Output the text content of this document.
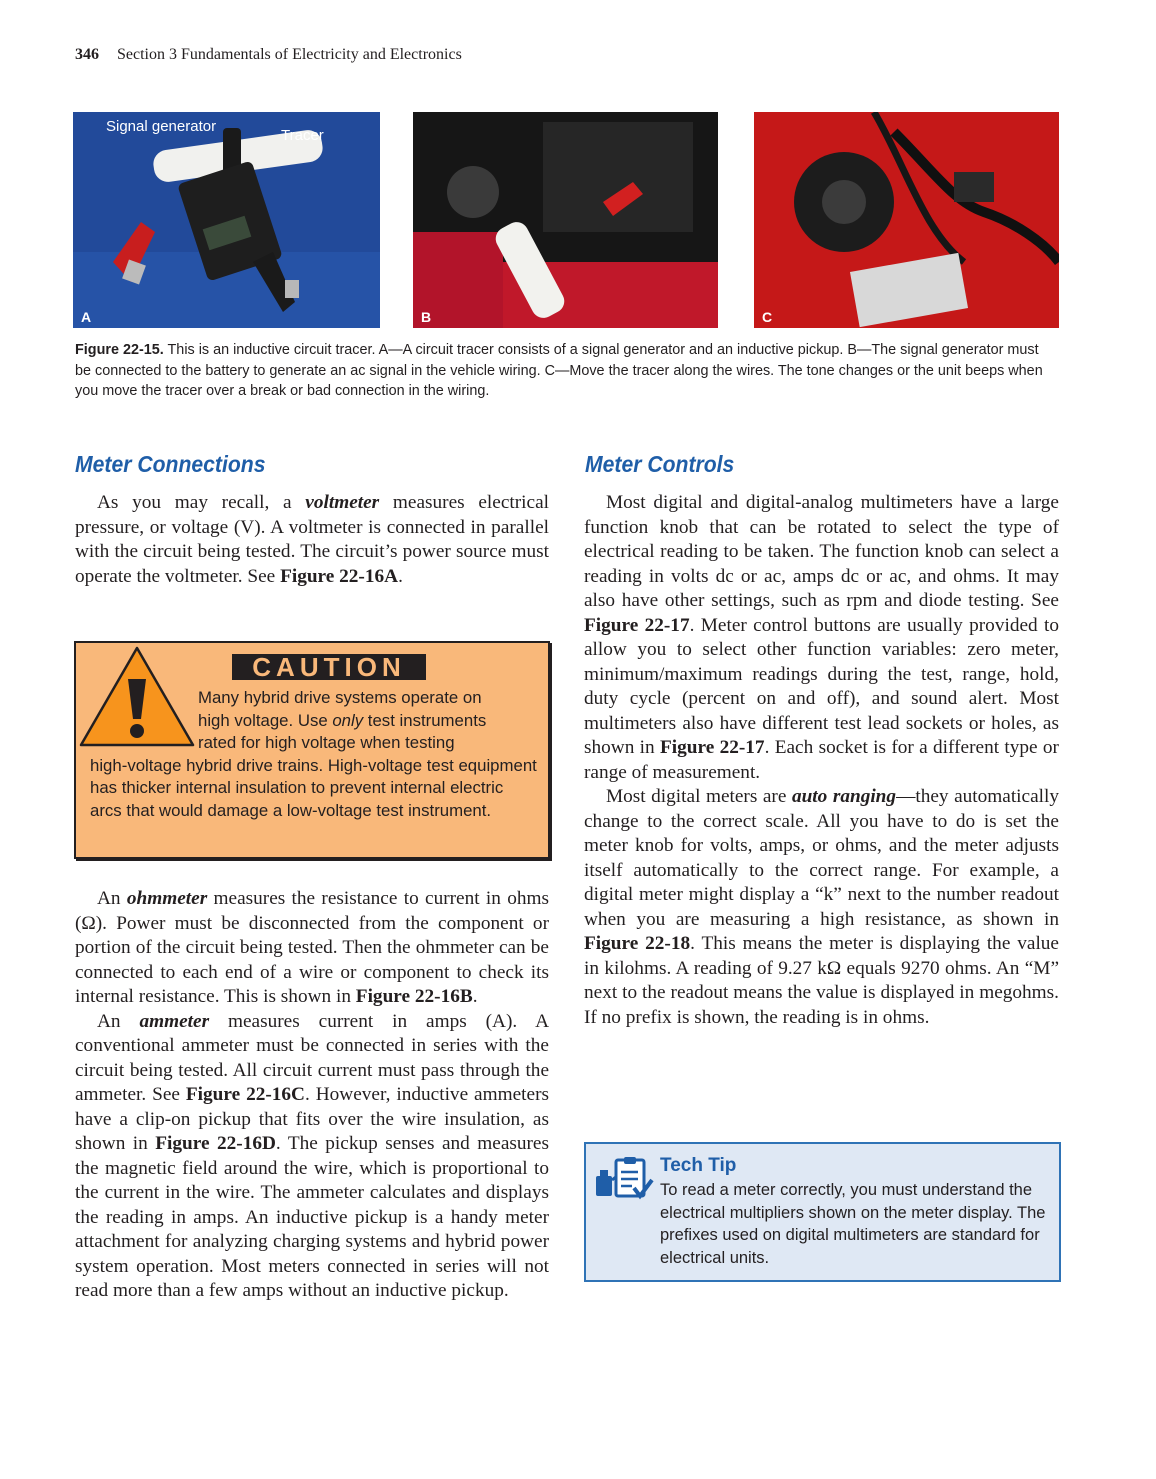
346 Section 3 Fundamentals of Electricity and Electronics
Signal generator
Tracer
A	B	C
Figure 22-15. This is an inductive circuit tracer. A—A circuit tracer consists of a signal generator and an inductive pickup. B—The signal generator must be connected to the battery to generate an ac signal in the vehicle wiring. C—Move the tracer along the wires. The tone changes or the unit beeps when you move the tracer over a break or bad connection in the wiring.
Meter Connections

As you may recall, a voltmeter measures electrical pressure, or voltage (V). A voltmeter is connected in parallel with the circuit being tested. The circuit’s power source must operate the voltmeter. See Figure 22-16A.

CAUTION
Many hybrid drive systems operate on
high voltage. Use only test instruments
rated for high voltage when testing
high-voltage hybrid drive trains. High-voltage test equipment has thicker internal insulation to prevent internal electric arcs that would damage a low-voltage test instrument.

An ohmmeter measures the resistance to current in ohms (Ω). Power must be disconnected from the component or portion of the circuit being tested. Then the ohmmeter can be connected to each end of a wire or component to check its internal resistance. This is shown in Figure 22-16B.

An ammeter measures current in amps (A). A conventional ammeter must be connected in series with the circuit being tested. All circuit current must pass through the ammeter. See Figure 22-16C. However, inductive ammeters have a clip-on pickup that fits over the wire insulation, as shown in Figure 22-16D. The pickup senses and measures the magnetic field around the wire, which is proportional to the current in the wire. The ammeter calculates and displays the reading in amps. An inductive pickup is a handy meter attachment for analyzing charging systems and hybrid power system operation. Most meters connected in series will not read more than a few amps without an inductive pickup.

Meter Controls

Most digital and digital-analog multimeters have a large function knob that can be rotated to select the type of electrical reading to be taken. The function knob can select a reading in volts dc or ac, amps dc or ac, and ohms. It may also have other settings, such as rpm and diode testing. See Figure 22-17. Meter control buttons are usually provided to allow you to select other function variables: zero meter, minimum/maximum readings during the test, range, hold, duty cycle (percent on and off), and sound alert. Most multimeters also have different test lead sockets or holes, as shown in Figure 22-17. Each socket is for a different type or range of measurement.

Most digital meters are auto ranging—they automatically change to the correct scale. All you have to do is set the meter knob for volts, amps, or ohms, and the meter adjusts itself automatically to the correct range. For example, a digital meter might display a “k” next to the number readout when you are measuring a high resistance, as shown in Figure 22-18. This means the meter is displaying the value in kilohms. A reading of 9.27 kΩ equals 9270 ohms. An “M” next to the readout means the value is displayed in megohms. If no prefix is shown, the reading is in ohms.

Tech Tip
To read a meter correctly, you must understand the electrical multipliers shown on the meter display. The prefixes used on digital multimeters are standard for electrical units.
